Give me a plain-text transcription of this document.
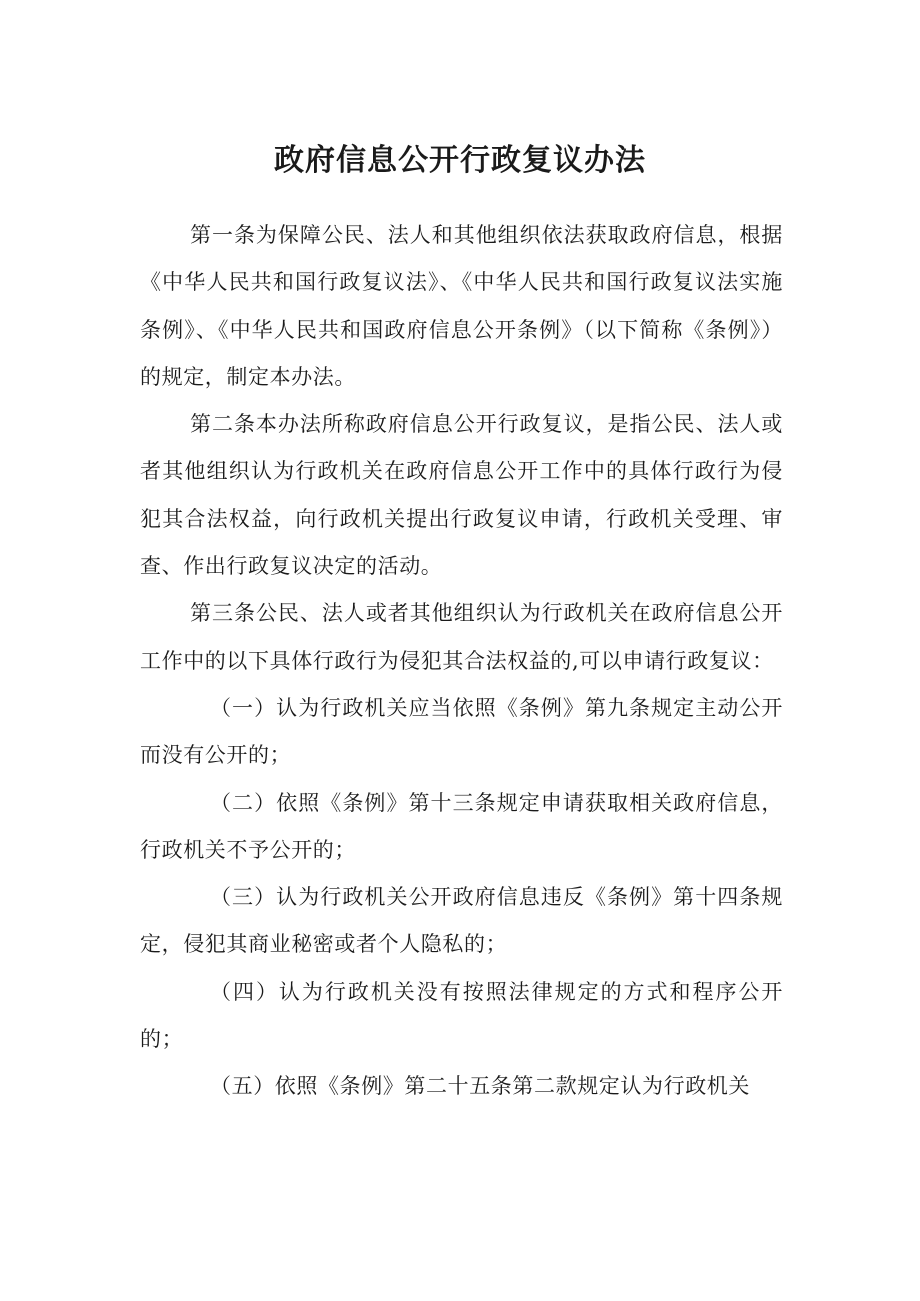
政府信息公开行政复议办法

第一条为保障公民、法人和其他组织依法获取政府信息，根据《中华人民共和国行政复议法》、《中华人民共和国行政复议法实施条例》、《中华人民共和国政府信息公开条例》（以下简称《条例》）的规定，制定本办法。

第二条本办法所称政府信息公开行政复议，是指公民、法人或者其他组织认为行政机关在政府信息公开工作中的具体行政行为侵犯其合法权益，向行政机关提出行政复议申请，行政机关受理、审查、作出行政复议决定的活动。

第三条公民、法人或者其他组织认为行政机关在政府信息公开工作中的以下具体行政行为侵犯其合法权益的,可以申请行政复议：

（一）认为行政机关应当依照《条例》第九条规定主动公开而没有公开的；

（二）依照《条例》第十三条规定申请获取相关政府信息，行政机关不予公开的；

（三）认为行政机关公开政府信息违反《条例》第十四条规定，侵犯其商业秘密或者个人隐私的；

（四）认为行政机关没有按照法律规定的方式和程序公开的；

（五）依照《条例》第二十五条第二款规定认为行政机关
